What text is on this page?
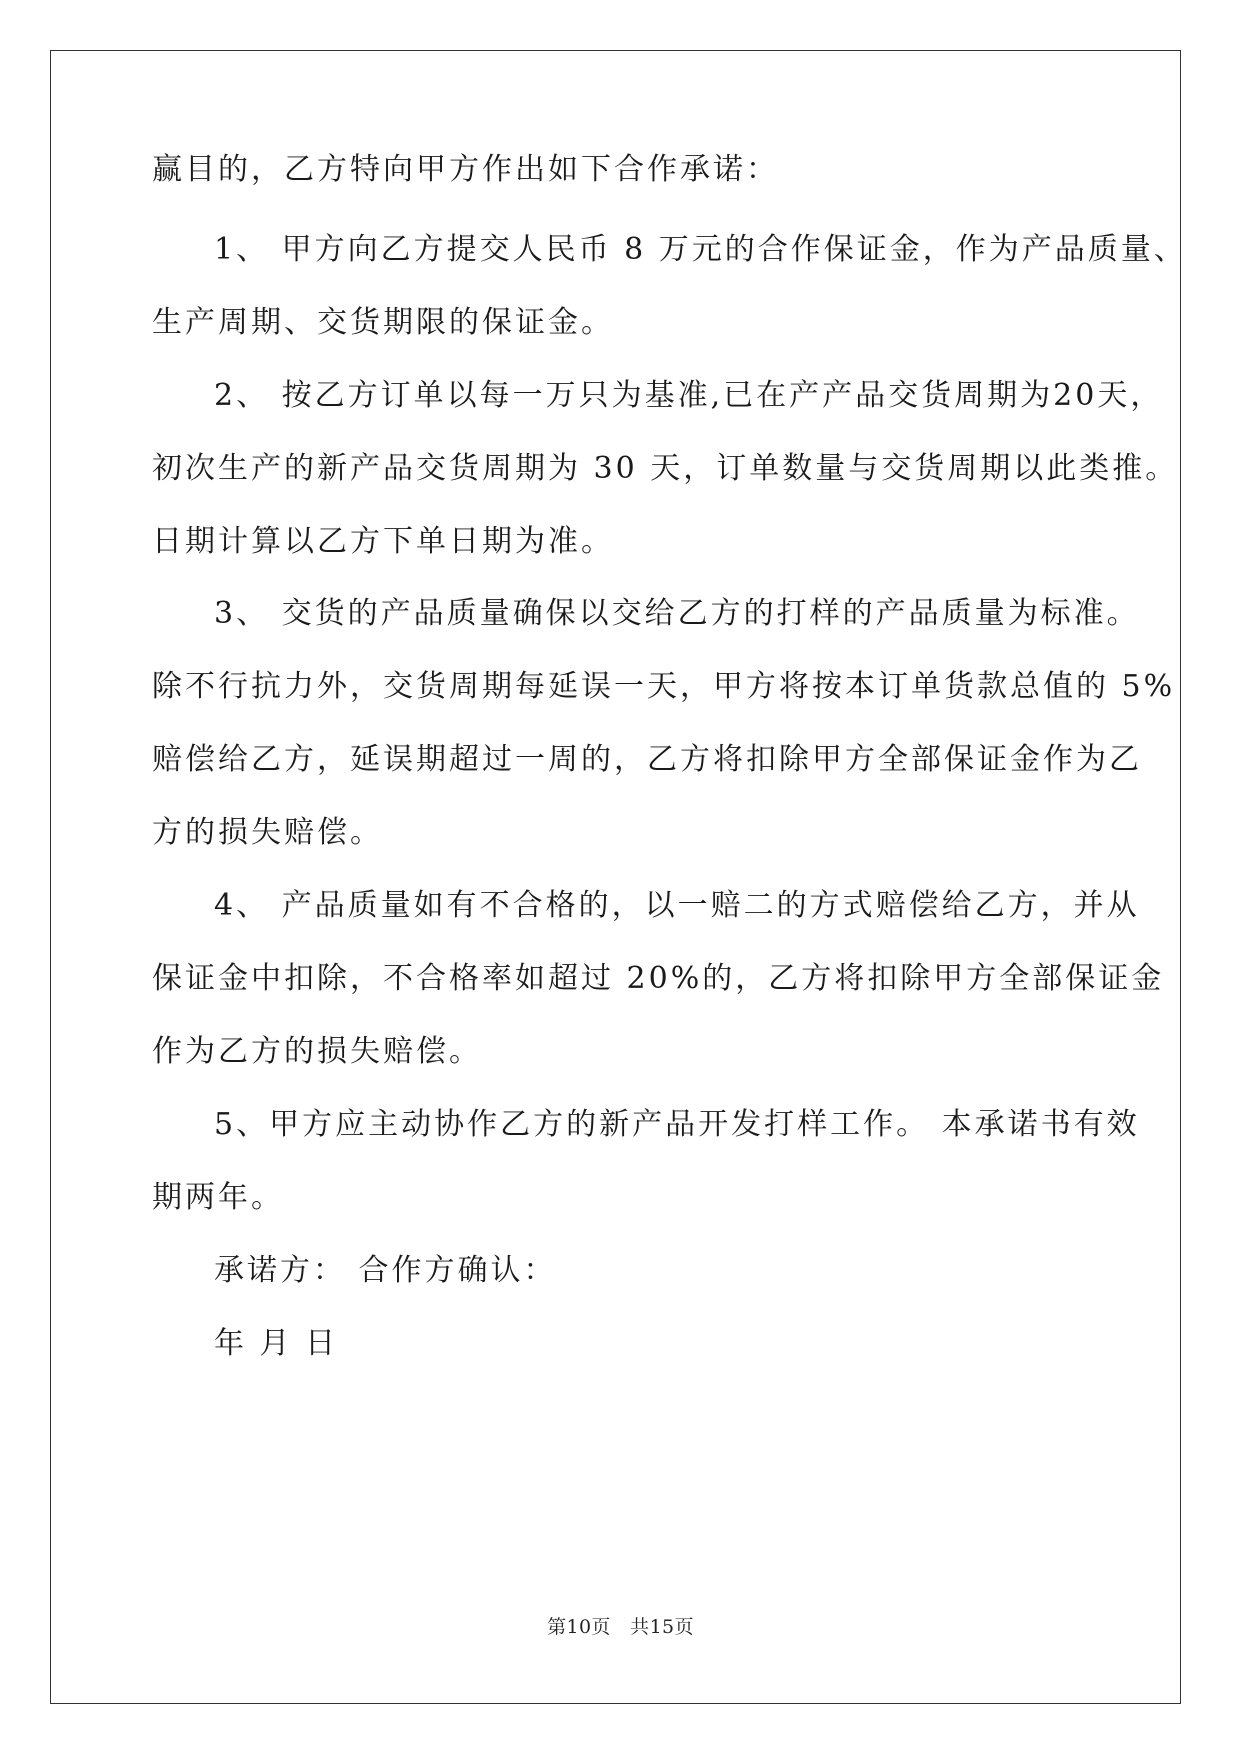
赢目的，乙方特向甲方作出如下合作承诺：
1、 甲方向乙方提交人民币 8 万元的合作保证金，作为产品质量、
生产周期、交货期限的保证金。
2、 按乙方订单以每一万只为基准,已在产产品交货周期为20天，
初次生产的新产品交货周期为 30 天，订单数量与交货周期以此类推。
日期计算以乙方下单日期为准。
3、 交货的产品质量确保以交给乙方的打样的产品质量为标准。
除不行抗力外，交货周期每延误一天，甲方将按本订单货款总值的 5%
赔偿给乙方，延误期超过一周的，乙方将扣除甲方全部保证金作为乙
方的损失赔偿。
4、 产品质量如有不合格的，以一赔二的方式赔偿给乙方，并从
保证金中扣除，不合格率如超过 20%的，乙方将扣除甲方全部保证金
作为乙方的损失赔偿。
5、甲方应主动协作乙方的新产品开发打样工作。 本承诺书有效
期两年。
承诺方： 合作方确认：
年 月 日
第10页　共15页
